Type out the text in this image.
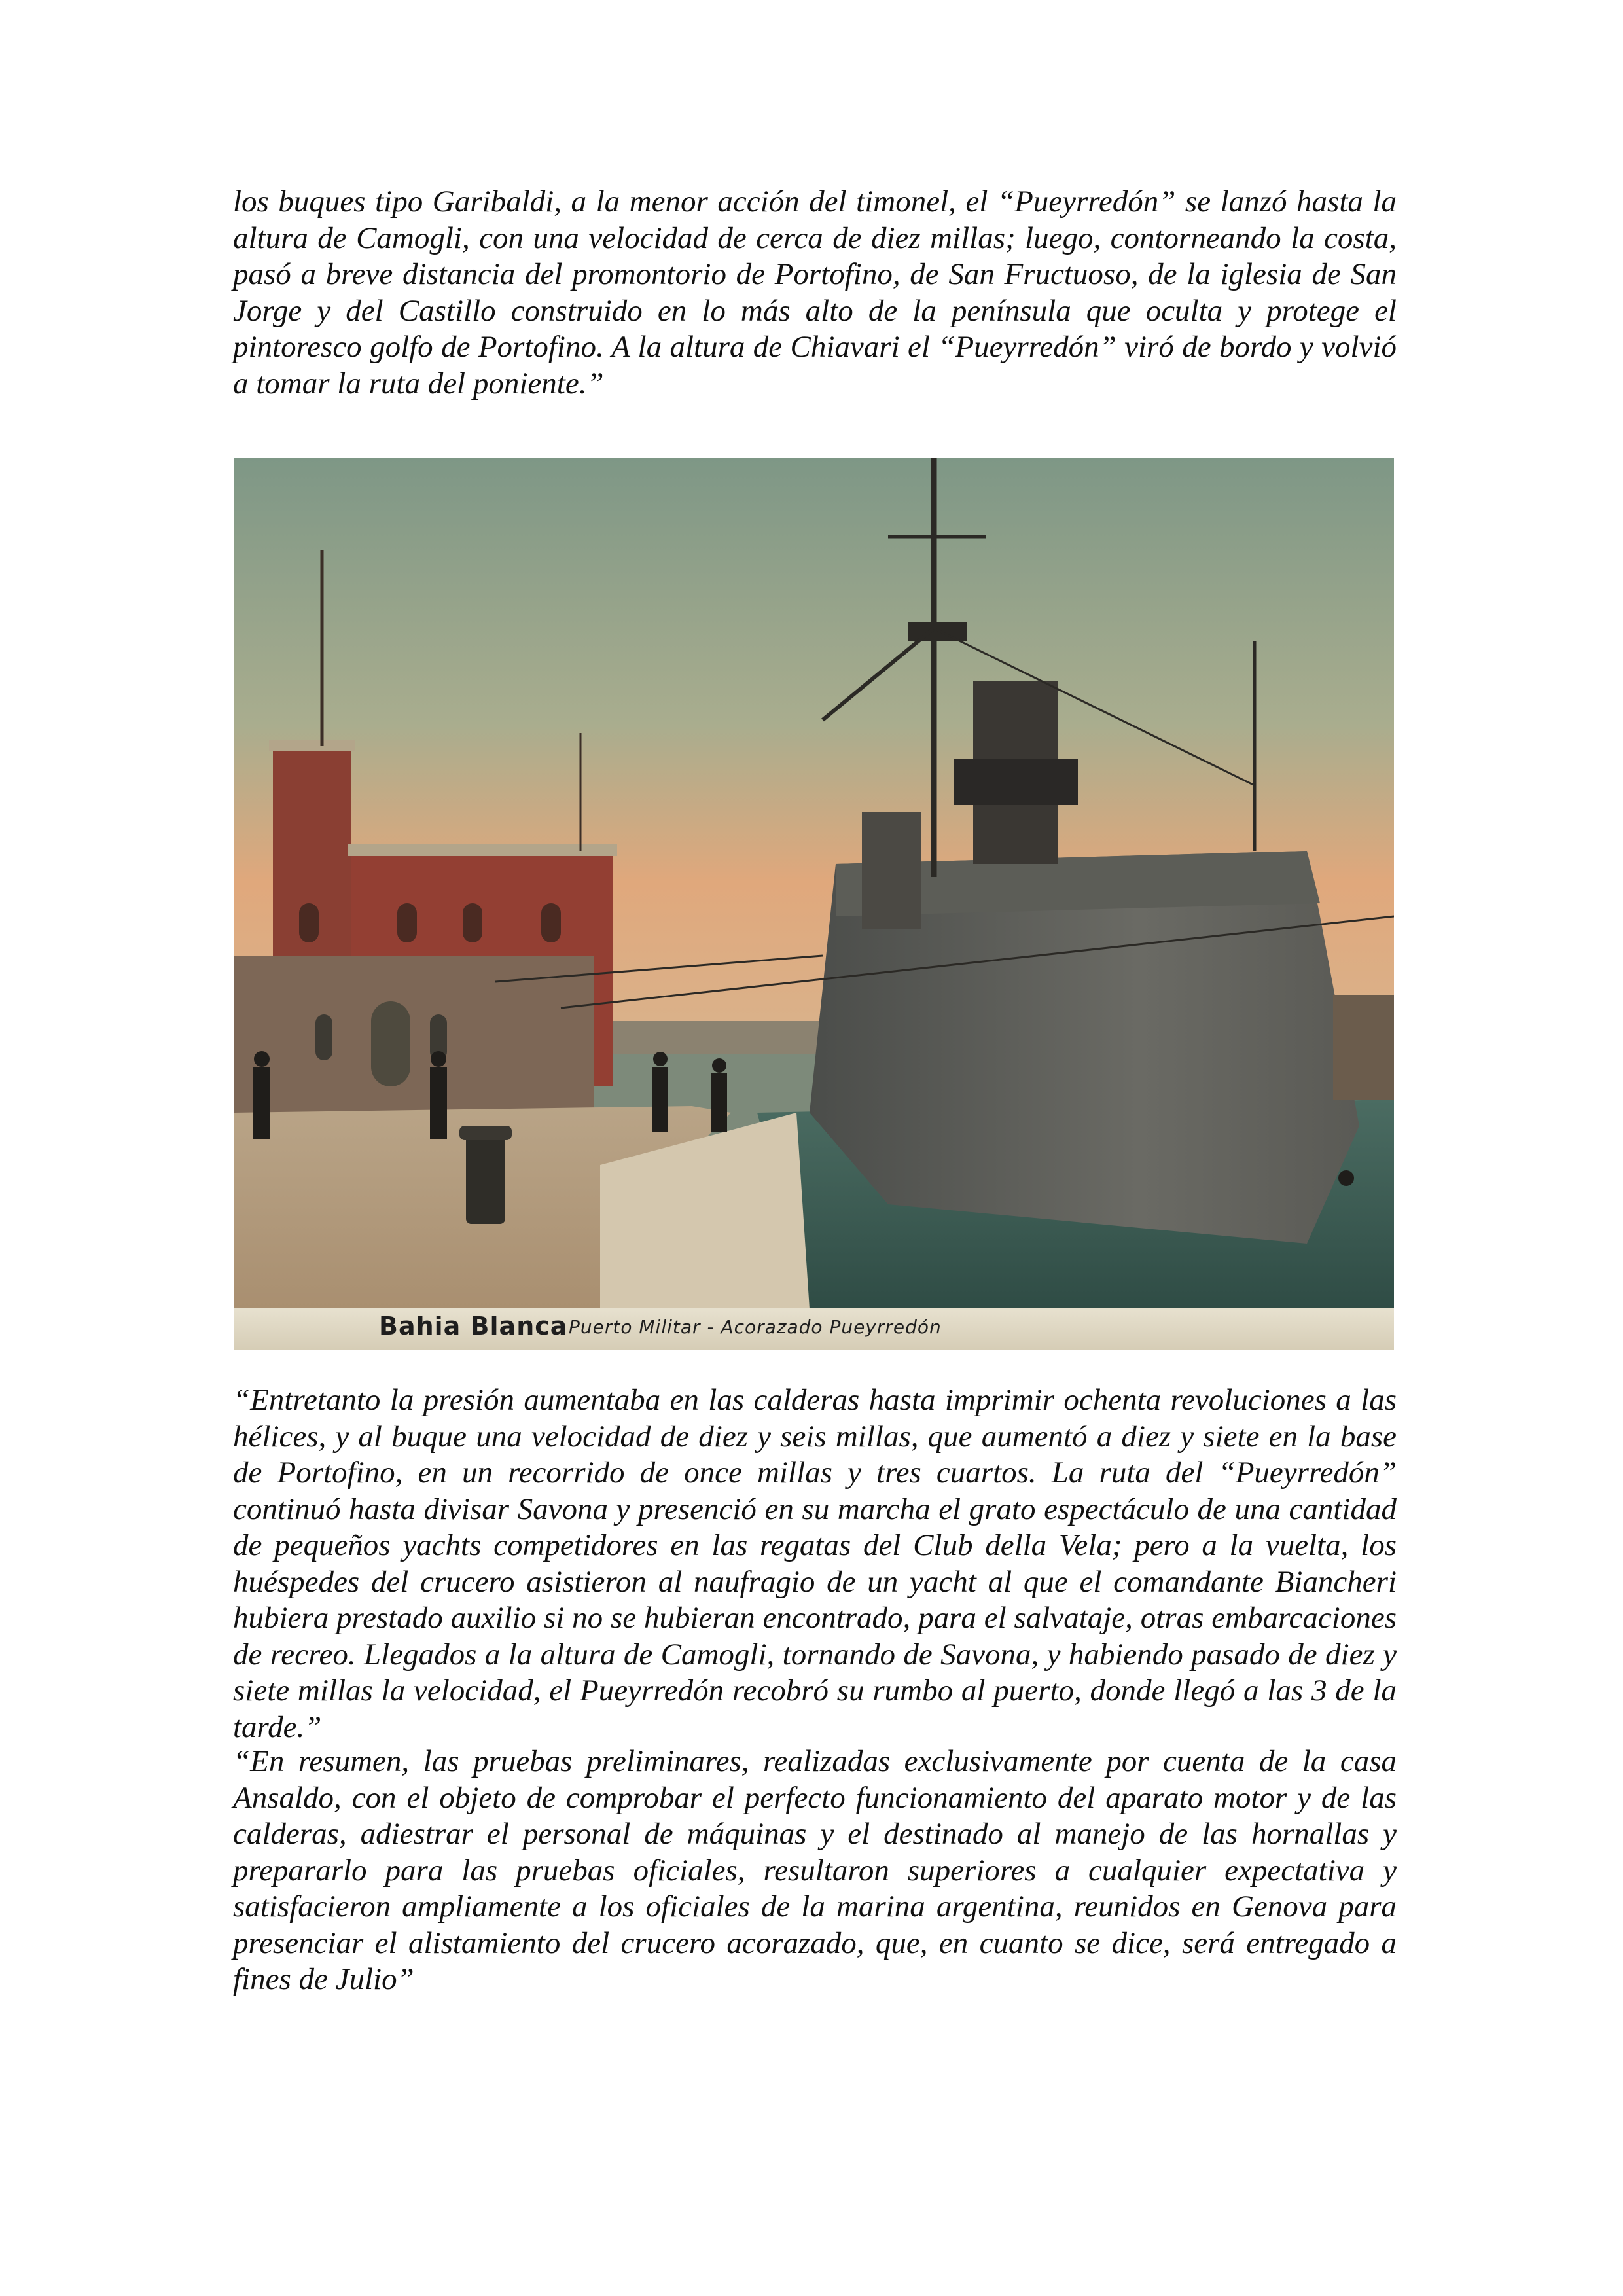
los buques tipo Garibaldi, a la menor acción del timonel, el “Pueyrredón” se lanzó hasta la altura de Camogli, con una velocidad de cerca de diez millas; luego, contorneando la costa, pasó a breve distancia del promontorio de Portofino, de San Fructuoso, de la iglesia de San Jorge y del Castillo construido en lo más alto de la península que oculta y protege el pintoresco golfo de Portofino. A la altura de Chiavari el “Pueyrredón” viró de bordo y volvió a tomar la ruta del poniente.”

Bahia Blanca Puerto Militar - Acorazado Pueyrredón

“Entretanto la presión aumentaba en las calderas hasta imprimir ochenta revoluciones a las hélices, y al buque una velocidad de diez y seis millas, que aumentó a diez y siete en la base de Portofino, en un recorrido de once millas y tres cuartos. La ruta del “Pueyrredón” continuó hasta divisar Savona y presenció en su marcha el grato espectáculo de una cantidad de pequeños yachts competidores en las regatas del Club della Vela; pero a la vuelta, los huéspedes del crucero asistieron al naufragio de un yacht al que el comandante Biancheri hubiera prestado auxilio si no se hubieran encontrado, para el salvataje, otras embarcaciones de recreo. Llegados a la altura de Camogli, tornando de Savona, y habiendo pasado de diez y siete millas la velocidad, el Pueyrredón recobró su rumbo al puerto, donde llegó a las 3 de la tarde.”

“En resumen, las pruebas preliminares, realizadas exclusivamente por cuenta de la casa Ansaldo, con el objeto de comprobar el perfecto funcionamiento del aparato motor y de las calderas, adiestrar el personal de máquinas y el destinado al manejo de las hornallas y prepararlo para las pruebas oficiales, resultaron superiores a cualquier expectativa y satisfacieron ampliamente a los oficiales de la marina argentina, reunidos en Genova para presenciar el alistamiento del crucero acorazado, que, en cuanto se dice, será entregado a fines de Julio”
